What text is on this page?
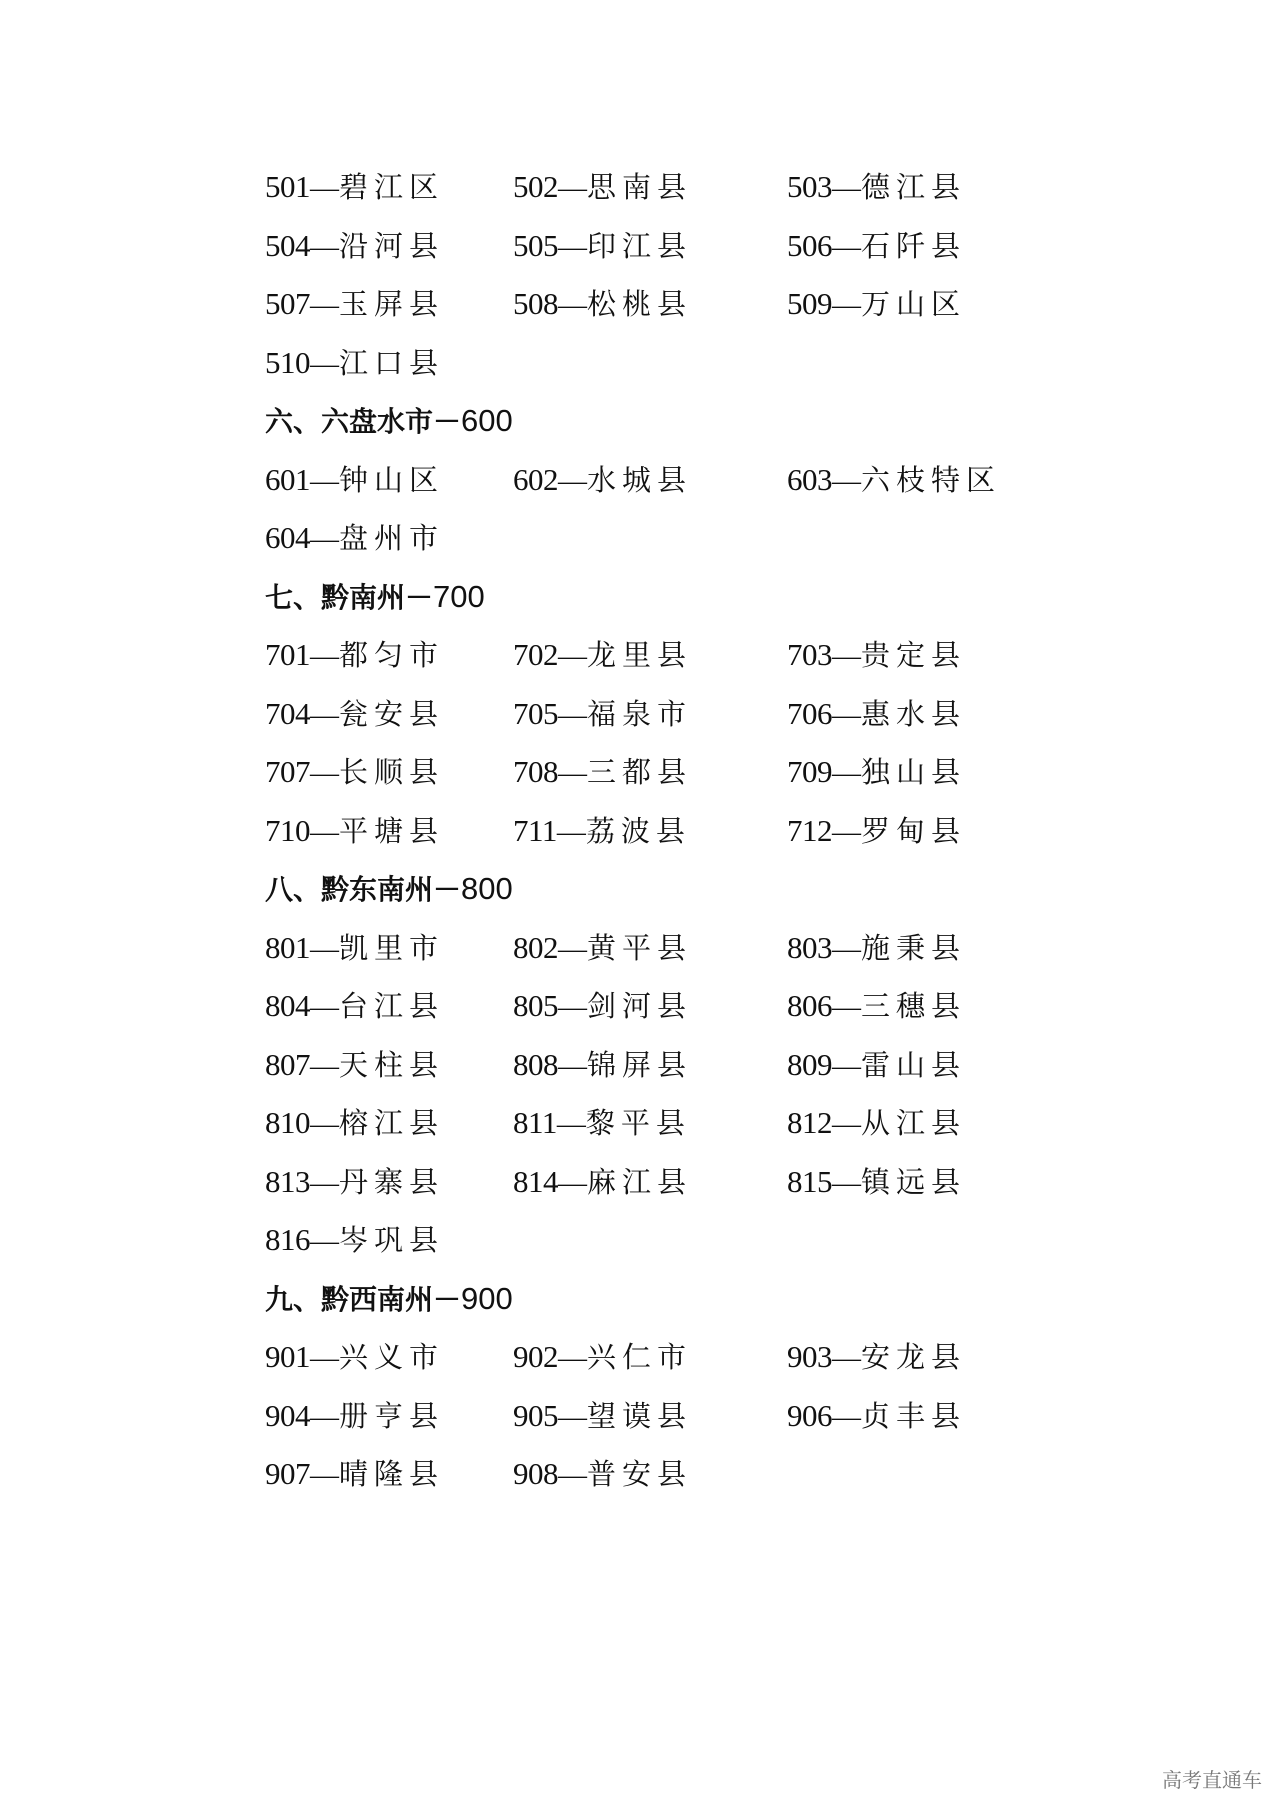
501—碧江区 502—思南县	503—德江县
504—沿河县 505—印江县	506—石阡县
507—玉屏县 508—松桃县	509—万山区
510—江口县
六、六盘水市－600
601—钟山区 602—水城县	603—六枝特区
604—盘州市
七、黔南州－700
701—都匀市 702—龙里县	703—贵定县
704—瓮安县 705—福泉市	706—惠水县
707—长顺县 708—三都县	709—独山县
710—平塘县 711—荔波县	712—罗甸县
八、黔东南州－800
801—凯里市 802—黄平县	803—施秉县
804—台江县 805—剑河县	806—三穗县
807—天柱县 808—锦屏县	809—雷山县
810—榕江县 811—黎平县	812—从江县
813—丹寨县 814—麻江县	815—镇远县
816—岑巩县
九、黔西南州－900
901—兴义市 902—兴仁市	903—安龙县
904—册亨县 905—望谟县	906—贞丰县
907—晴隆县 908—普安县
高考直通车
